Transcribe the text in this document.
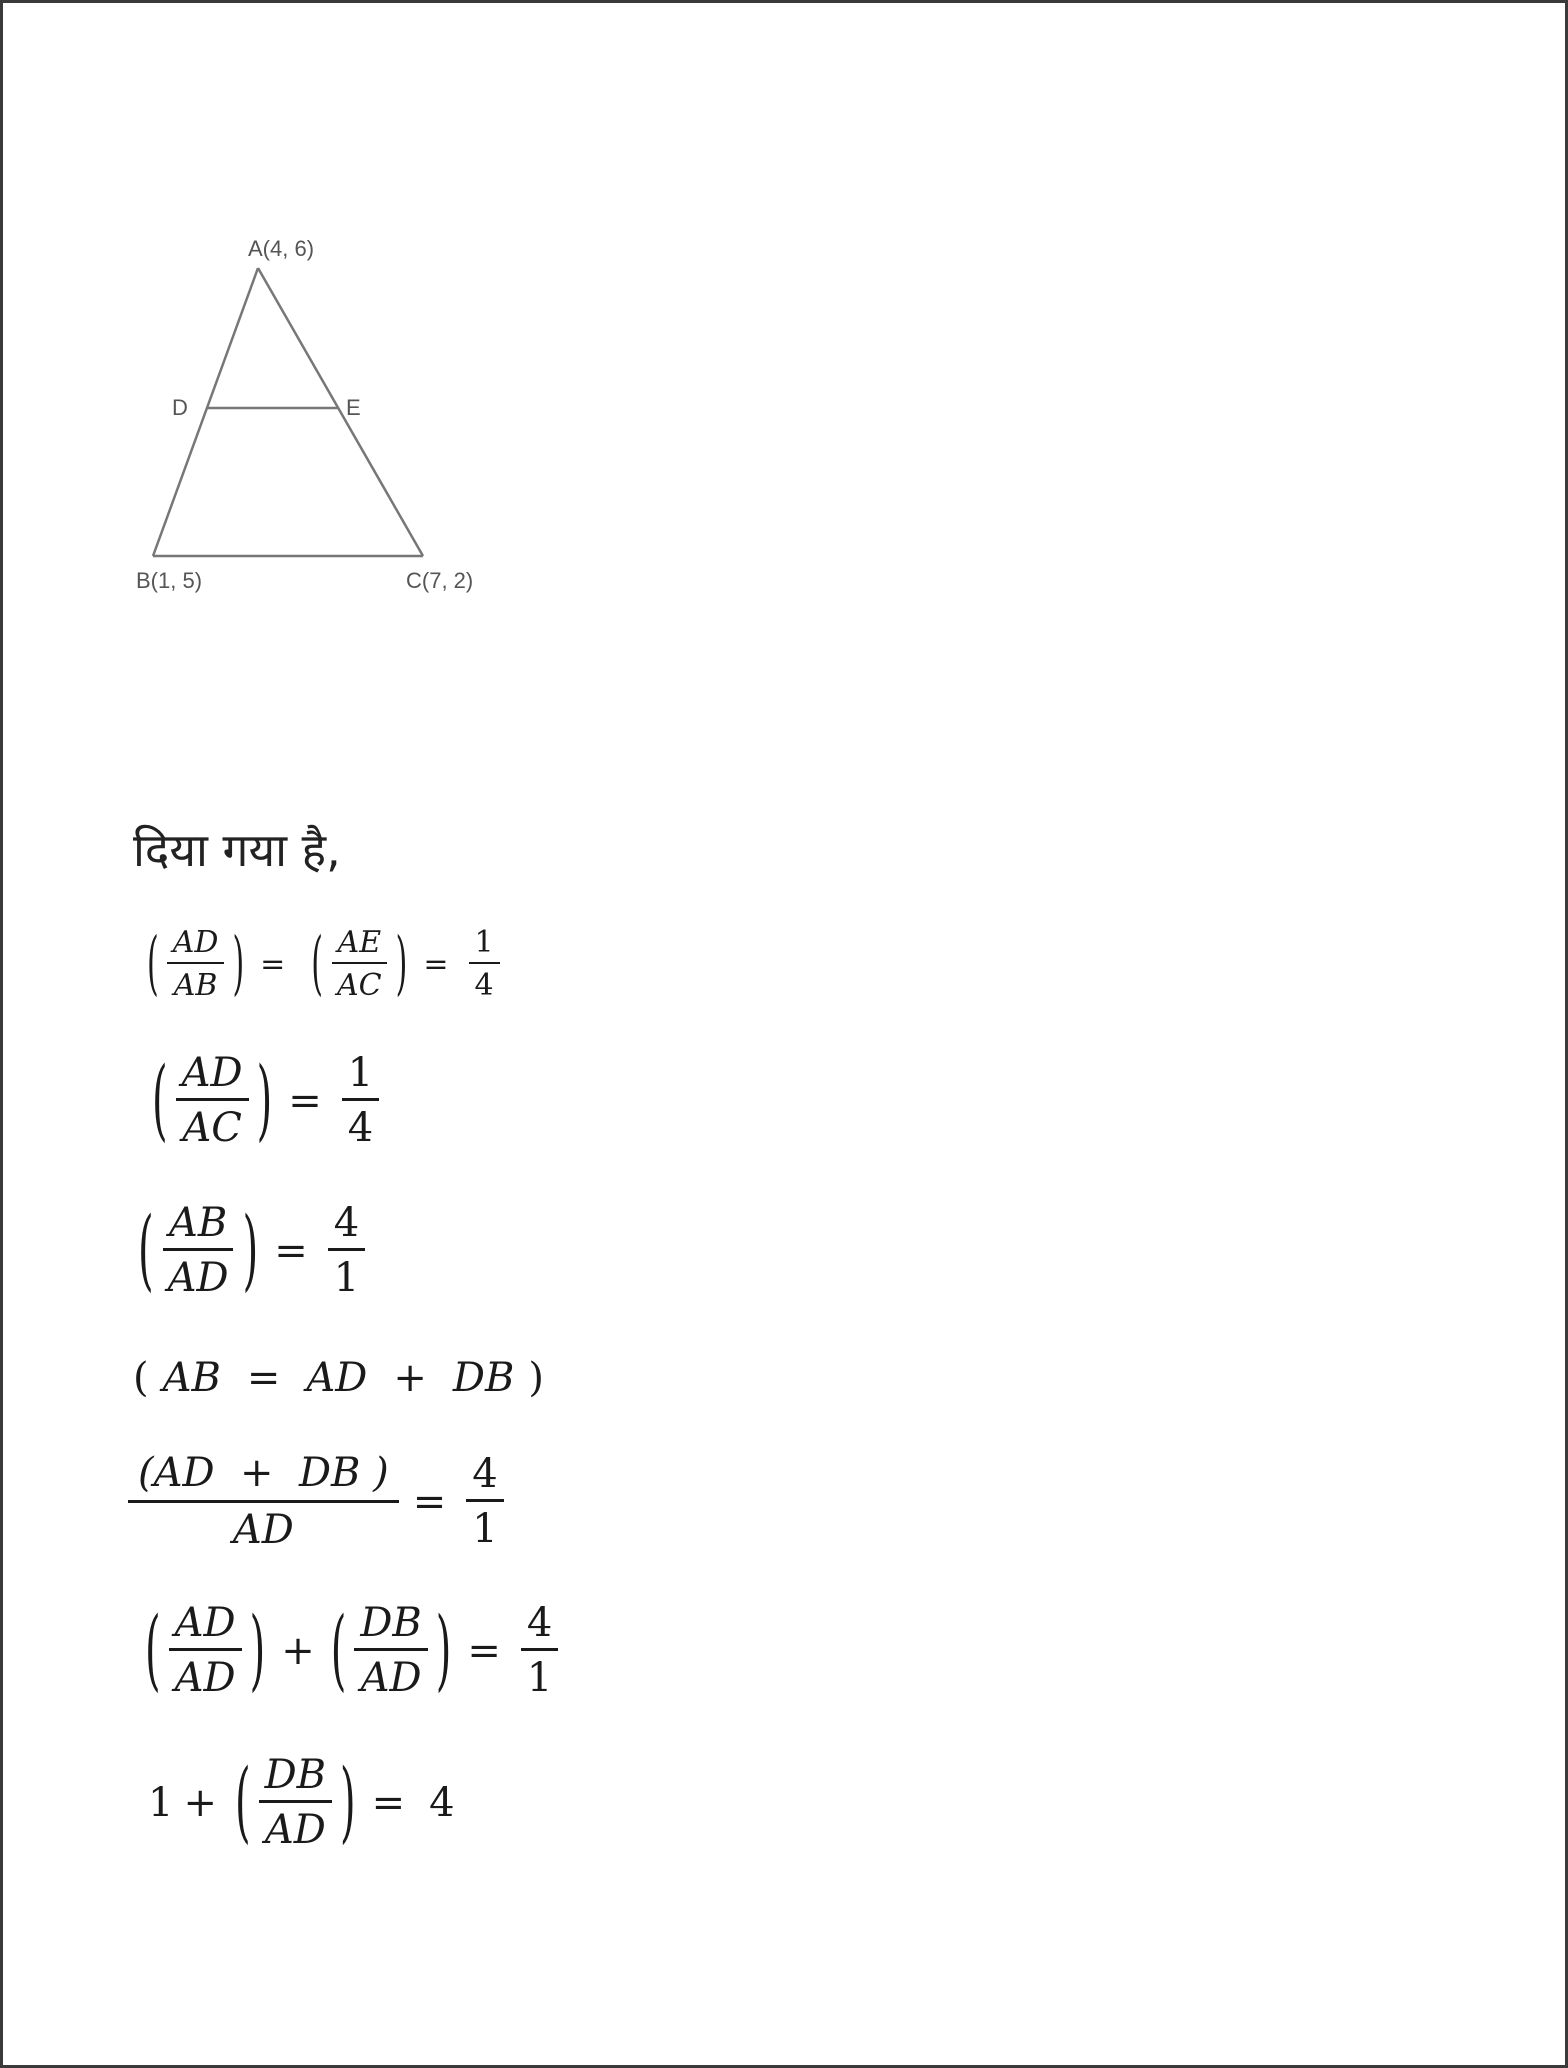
A(4, 6)
D	E
B(1, 5)	C(7, 2)
दिया गया है,
( $\frac{AD}{AB}$ ) = ( $\frac{AE}{AC}$ ) = $\frac{1}{4}$
( $\frac{AD}{AC}$ ) = $\frac{1}{4}$
( $\frac{AB}{AD}$ ) = $\frac{4}{1}$
( AB = AD + DB )
$\frac{(AD + DB )}{AD} = \frac{4}{1}$
( $\frac{AD}{AD}$ ) + ( $\frac{DB}{AD}$ ) = $\frac{4}{1}$
1 + ( $\frac{DB}{AD}$ ) = 4
